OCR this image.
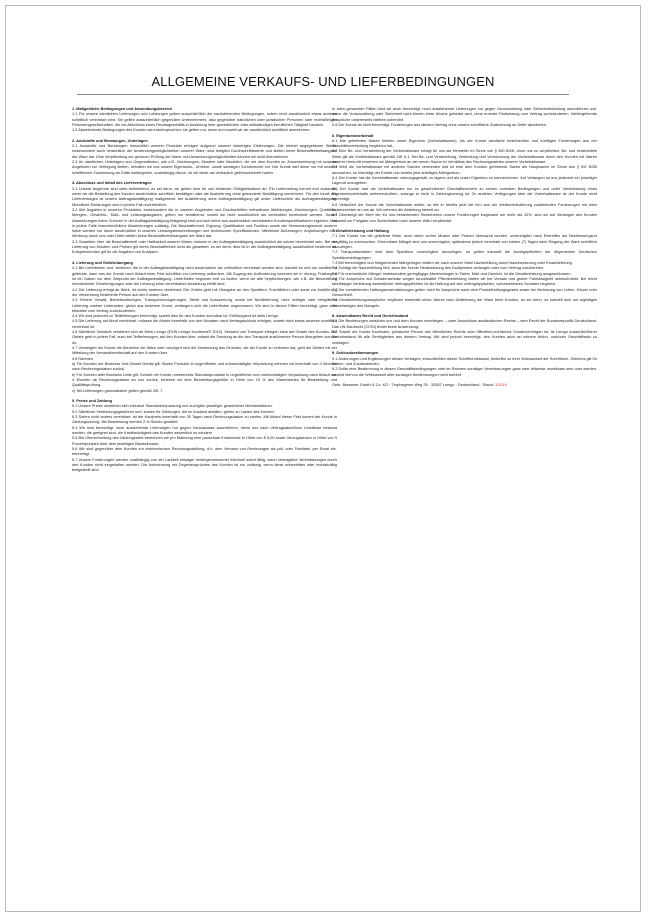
ALLGEMEINE VERKAUFS- UND LIEFERBEDINGUNGEN
1. Maßgebliche Bedingungen und Anwendungsbereich

1.1 Für unsere sämtlichen Lieferungen und Leistungen gelten ausschließlich die nachstehenden Bedingungen, sofern nicht ausdrücklich etwas anderes schriftlich vereinbart wird. Sie gelten ausschließlich gegenüber Unternehmern, also gegenüber natürlichen oder juristischen Personen oder rechtsfähigen Personengesellschaften, die bei Abschluss eines Rechtsgeschäfts in Ausübung ihrer gewerblichen oder selbständigen beruflichen Tätigkeit handeln.

1.2 Abweichende Bedingungen des Kunden wird widersprochen; sie gelten nur, wenn und soweit wir sie ausdrücklich schriftlich anerkennen.

2. Auskünfte und Beratungen, Unterlagen

2.1 Auskünfte und Beratungen hinsichtlich unserer Produkte erfolgen aufgrund unserer bisherigen Erfahrungen. Die hierbei angegebenen Werte, insbesondere auch hinsichtlich der Anwendungsmöglichkeiten unserer Ware, sind lediglich Durchschnittswerte und stellen keine Beschaffenheitsangabe der Ware dar. Eine Verpflichtung zur genauen Prüfung der Ware- und Anwendungsmöglichkeiten können wir nicht übernehmen.

2.2 An sämtlichen Unterlagen und Gegenständen, wie z.B. Zeichnungen, Mustern oder Modellen, die wir dem Kunden im Zusammenhang mit unseren Angeboten zur Verfügung stellen, behalten wir uns unsere Eigentums-, Urheber- sowie sonstigen Schutzrechte vor. Der Kunde darf diese nur mit unserer schriftlichen Zustimmung an Dritte weitergeben, unabhängig davon, ob wir diese als vertraulich gekennzeichnet haben.

3. Abschluss und Inhalt des Liefervertrages

3.1 Unsere Angebote sind stets freibleibend, es sei denn, wir geben eine für uns bindende Gültigkeitsdauer an. Ein Liefervertrag kommt erst zustande, wenn wir die Bestellung des Kunden ausdrücklich schriftlich bestätigen oder die Auslieferung ohne gesonderte Bestätigung vornehmen. Für den Inhalt des Liefervertrages ist unsere Auftragsbestätigung maßgebend, bei Auslieferung ohne Auftragsbestätigung gilt unser Lieferschein als Auftragsbestätigung. Mündliche Erklärungen sind in jedem Fall unverbindlich.

3.2 Alle Angaben in unseren Produkten, insbesondere die in unseren Angeboten und Druckschriften enthaltenen Abbildungen, Zeichnungen, Qualitäts-, Mengen-, Gewichts-, Maß- und Leistungsangaben, gelten nur annähernd, soweit sie nicht ausdrücklich als verbindlich bezeichnet werden. Soweit Abweichungen keine Grenzen in der Auftragsbestätigung festgelegt sind und sich keine aus ausdrücklich vereinbarten Kundenspezifikationen ergeben, sind in jedem Falle branchenübliche Abweichungen zulässig. Die Beschaffenheit, Eignung, Qualifikation und Funktion sowie der Verwendungszweck unserer Ware werden nur durch ausdrücklich in unseren Leistungsbeschreibungen und technischen Spezifikationen, öffentliche Äußerungen, Anpreisungen oder Werbung durch uns oder Dritte stellen keine Beschaffenheitsangabe der Ware dar.

3.3 Garantien über die Beschaffenheit oder Haltbarkeit unserer Waren müssen in der Auftragsbestätigung ausdrücklich als solche bezeichnet sein. Bei der Lieferung von Mustern und Proben gilt deren Beschaffenheit nicht als garantiert, es sei denn, dies ist in der Auftragsbestätigung ausdrücklich bestimmt ist. Entsprechendes gilt für die Angaben von Analysen.

4. Lieferung und Gefahrübergang

4.1 Bei Lieferfristen und -terminen, die in der Auftragsbestätigung nicht ausdrücklich als verbindlich vereinbart worden sind, handelt es sich um annähernd geltende, kann uns der Kunde nach Ablauf einer Frist schriftlich zur Lieferung auffordern. Mit Zugang der Aufforderung kommen wir in Verzug. Fristbeginn ist ein Datum vor dem Zeitpunkt der Auftragsbestätigung. Lieferfristen beginnen erst zu laufen, wenn wir alle Verpflichtungen, wie z.B. die Beschaffung erforderlicher Genehmigungen oder die Leistung einer vereinbarten Anzahlung erfüllt sind.

4.2 Die Lieferung erfolgt ab Werk, ist nichts anderes vereinbart. Die Gefahr geht mit Übergabe an den Spediteur, Frachtführer oder sonst zur Ausführung der Versendung bestimmte Person auf den Kunden über.

4.3 Höhere Gewalt, Betriebsstörungen, Transportverzögerungen, Streik und Aussperrung, sowie bei Nichtlieferung, nicht richtiger oder verspäteter Lieferung unserer Lieferanten, gleich aus welchem Grund, verlängern sich die Lieferfristen angemessen. Wir sind in diesen Fällen berechtigt, ganz oder teilweise vom Vertrag zurückzutreten.

4.4 Wir sind jederzeit zu Teillieferungen berechtigt, soweit dies für den Kunden zumutbar ist. Erfüllungsort ist stets Lemgo.

4.5 Die Lieferung auf Abruf vereinbart, müssen die Abrufe innerhalb von drei Monaten nach Vertragsschluss erfolgen, soweit nicht etwas anderes schriftlich vereinbart ist.

4.6 Sämtliche Verkäufe verstehen sich ab Werk Lemgo (EXW Lemgo Incoterms® 2010). Versand und Transport erfolgen stets auf Gefahr des Kunden. Die Gefahr geht in jedem Fall, auch bei Teillieferungen, auf den Kunden über, sobald die Sendung an die den Transport ausführende Person übergeben worden ist.

4.7 Verweigert der Kunde die Abnahme der Ware oder verzögert sich die Versendung aus Gründen, die der Kunde zu vertreten hat, geht die Gefahr mit der Mitteilung der Versandbereitschaft auf den Kunden über.

4.8 Rahmen

a) Für Kunden der Business Unit Kismet Dental gilt: Starke Produkte in ungeöffneter und unbeschädigter Verpackung nehmen wir innerhalb von 4 Wochen nach Rechnungsdatum zurück.

b) Für Kunden aller Business Units gilt: Schickt der Kunde unsererseits Standardprodukte in ungeöffneter und unbeschädigter Verpackung nach Ablauf von 4 Wochen ab Rechnungsdatum an uns zurück, erheben wir eine Bearbeitungsgebühr in Höhe von 15 % des Warenwertes für Bearbeitung und Qualitätsprüfung.

c) Teil-Lieferungen grundsätzlich gelten gemäß Ziff. 7.

5. Preise und Zahlung

5.1 Unsere Preise verstehen sich inklusive Standardverpackung und zuzüglich jeweiliger gesetzlicher Mehrwertsteuer.

5.2 Sämtliche Verbindungsgebühren und -kosten für Zahlungen, die im Ausland anfallen, gehen zu Lasten des Kunden.

5.3 Sofern nicht anders vereinbart, ist der Kaufpreis innerhalb von 30 Tagen nach Rechnungsdatum zu zahlen. Mit Ablauf dieser Frist kommt der Kunde in Zahlungsverzug. Bei Bankeinzug werden 2 % Skonto gewährt:

5.4 Wir sind berechtigt, noch ausstehende Lieferungen nur gegen Vorauskasse auszuführen, wenn uns nach Vertragsabschluss Umstände bekannt werden, die geeignet sind, die Kreditwürdigkeit des Kunden wesentlich zu mindern.

5.5 Bei Überschreitung des Zahlungsziels berechnen wir pro Mahnung eine pauschale Kostennote in Höhe von € 5,00 sowie Verzugszinsen in Höhe von 9 Prozentpunkten über dem jeweiligen Basiszinssatz.

5.6 Wir sind gegenüber dem Kunden zur elektronischen Rechnungsstellung, d.h. dem Versand von Rechnungen als pdf- oder Textdatei, per Email etc. berechtigt.

5.7 Unsere Forderungen werden unabhängig von der Laufzeit etwaiger hereingenommener Wechsel sofort fällig, wenn vertragliche Vereinbarungen durch den Kunden nicht eingehalten werden. Die Aufrechnung mit Gegenansprüchen des Kunden ist nur zulässig, wenn diese unbestritten oder rechtskräftig festgestellt sind.

In allen genannten Fällen sind wir auch berechtigt, noch ausstehende Lieferungen nur gegen Vorauszahlung oder Sicherheitsleistung auszuführen und, wenn die Vorauszahlung oder Sicherheit nicht binnen einer Woche geleistet wird, ohne erneute Fristsetzung vom Vertrag zurückzutreten. Weitergehende Ansprüche unsererseits bleiben unberührt.

5.8 Der Kunde ist nicht berechtigt, Forderungen aus diesem Vertrag ohne unsere schriftliche Zustimmung an Dritte abzutreten.

6. Eigentumsvorbehalt

6.1 Alle gelieferten Waren bleiben unser Eigentum (Vorbehaltsware), bis der Kunde sämtliche bestehenden und künftigen Forderungen aus der Geschäftsverbindung beglichen hat.

6.2 Eine Be- und Verarbeitung der Vorbehaltsware erfolgt für uns als Hersteller im Sinne von § 950 BGB, ohne uns zu verpflichten. Be- und verarbeitete Ware gilt als Vorbehaltsware gemäß Ziff. 6.1. Bei Be- und Verarbeitung, Verbindung und Vermischung der Vorbehaltsware durch den Kunden mit Waren anderer Herkunft erwerben wir Miteigentum an der neuen Sache im Verhältnis des Rechnungswertes unserer Vorbehaltsware.

6.3 Wird die Vorbehaltsware mit anderen Sachen verbunden und ist eine dem Kunden gehörende Sache als Hauptsache im Sinne des § 947 BGB anzusehen, so überträgt der Kunde uns bereits jetzt anteiliges Miteigentum.

6.4 Der Kunde hat die Vorbehaltsware ordnungsgemäß zu lagern und als unser Eigentum zu kennzeichnen. Auf Verlangen ist uns jederzeit ein jeweiliger Lagerort anzugeben.

6.5 Der Kunde darf die Vorbehaltsware nur im gewöhnlichen Geschäftsverkehr zu seinen normalen Bedingungen und unter Vereinbarung eines Eigentumsvorbehalts weiterveräußern, solange er nicht in Zahlungsverzug ist. Zu anderen Verfügungen über die Vorbehaltsware ist der Kunde nicht berechtigt.

6.6 Veräußert der Kunde die Vorbehaltsware weiter, so tritt er bereits jetzt die ihm aus der Weiterveräußerung zustehenden Forderungen mit allen Nebenrechten an uns ab. Wir nehmen die Abtretung hiermit an.

6.7 Übersteigt der Wert der für uns bestehenden Sicherheiten unsere Forderungen insgesamt um mehr als 10%, sind wir auf Verlangen des Kunden insoweit zur Freigabe von Sicherheiten nach unserer Wahl verpflichtet.

7. Gewährleistung und Haftung

7.1 Der Kunde hat die gelieferte Ware, auch wenn vorher Muster oder Proben übersandt wurden, unverzüglich nach Eintreffen am Bestimmungsort sorgfältig zu untersuchen. Erkennbare Mängel sind uns unverzüglich, spätestens jedoch innerhalb von sieben (7) Tagen nach Eingang der Ware schriftlich anzuzeigen.

7.2 Transportschäden sind dem Spediteur unverzüglich anzuzeigen; es gelten insoweit die Anzeigepflichten der Allgemeinen Deutschen Spediteurbedingungen.

7.3 Bei berechtigten und fristgerechten Mängelrügen leisten wir nach unserer Wahl Nacherfüllung durch Nachbesserung oder Ersatzlieferung.

7.4 Schlägt die Nacherfüllung fehl, kann der Kunde Herabsetzung des Kaufpreises verlangen oder vom Vertrag zurücktreten.

7.5 Für unerhebliche Mängel, insbesondere geringfügige Abweichungen in Farbe, Maß und Gewicht, ist die Gewährleistung ausgeschlossen.

7.6 Für Ansprüche auf Schadensersatz wegen schuldhafter Pflichtverletzung haften wir bei Vorsatz und grober Fahrlässigkeit unbeschränkt. Bei leicht fahrlässiger Verletzung wesentlicher Vertragspflichten ist die Haftung auf den vertragstypischen, vorhersehbaren Schaden begrenzt.

7.7 Die vorstehenden Haftungsbeschränkungen gelten nicht für Ansprüche nach dem Produkthaftungsgesetz sowie bei Verletzung von Leben, Körper oder Gesundheit.

7.8 Gewährleistungsansprüche verjähren innerhalb eines Jahres nach Ablieferung der Ware beim Kunden, es sei denn, es handelt sich um arglistiges Verschweigen des Mangels.

8. Anwendbares Recht und Gerichtsstand

8.1 Die Beziehungen zwischen uns und dem Kunden unterliegen – unter Ausschluss ausländischen Rechts – dem Recht der Bundesrepublik Deutschland. Das UN-Kaufrecht (CISG) findet keine Anwendung.

8.2 Soweit der Kunde Kaufmann, juristische Person des öffentlichen Rechts oder öffentlich-rechtliches Sondervermögen ist, ist Lemgo ausschließlicher Gerichtsstand für alle Streitigkeiten aus diesem Vertrag. Wir sind jedoch berechtigt, den Kunden auch an seinem Wohn- und/oder Geschäftssitz zu verklagen.

9. Schlussbestimmungen

9.1 Änderungen und Ergänzungen dieses Vertrages, einschließlich dieser Schriftformklausel, bedürfen zu ihrer Wirksamkeit der Schriftform. Gleiches gilt für Neben- und Zusatzabreden.

9.2 Sollte eine Bestimmung in diesen Geschäftsbedingungen oder im Rahmen sonstiger Vereinbarungen ganz oder teilweise unwirksam sein oder werden, so wird hiervon die Wirksamkeit aller sonstigen Bestimmungen nicht berührt.

Gebr. Brasseler GmbH & Co. KG · Trophagener Weg 25 · 32657 Lemgo · Deutschland · Stand: 3/2016
